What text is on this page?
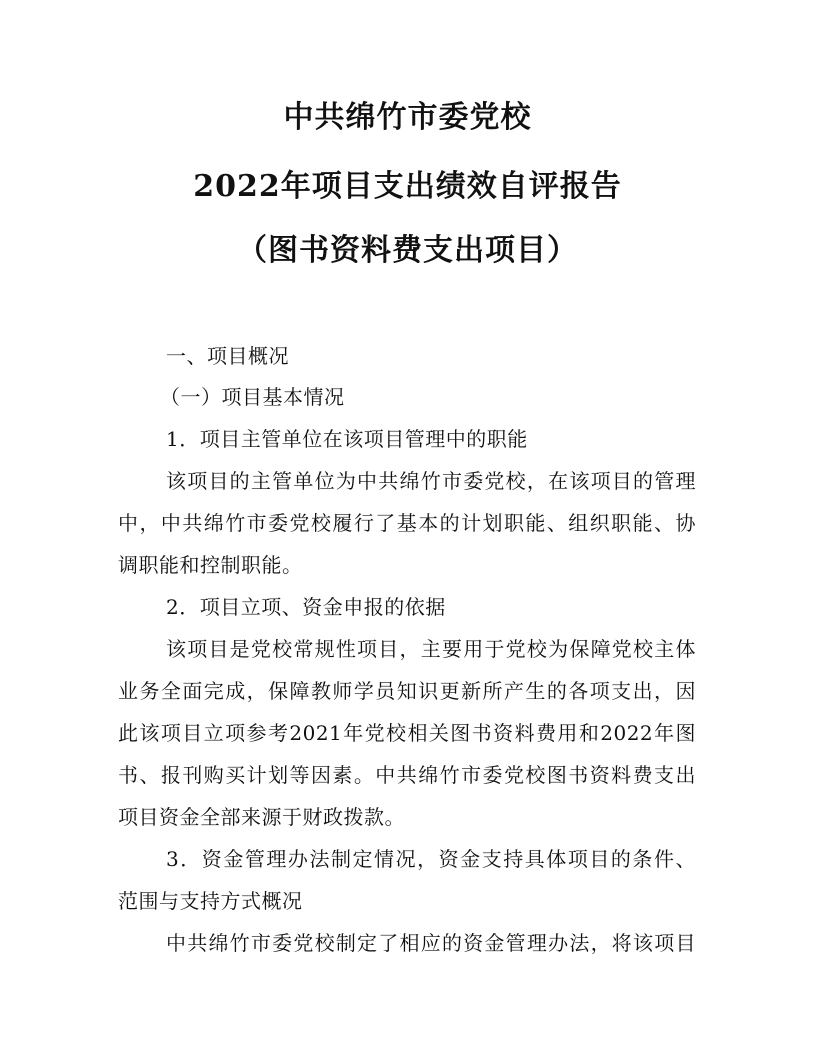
中共绵竹市委党校
2022年项目支出绩效自评报告
（图书资料费支出项目）
一、项目概况
（一）项目基本情况
1．项目主管单位在该项目管理中的职能
该项目的主管单位为中共绵竹市委党校，在该项目的管理
中，中共绵竹市委党校履行了基本的计划职能、组织职能、协
调职能和控制职能。
2．项目立项、资金申报的依据
该项目是党校常规性项目，主要用于党校为保障党校主体
业务全面完成，保障教师学员知识更新所产生的各项支出，因
此该项目立项参考2021年党校相关图书资料费用和2022年图
书、报刊购买计划等因素。中共绵竹市委党校图书资料费支出
项目资金全部来源于财政拨款。
3．资金管理办法制定情况，资金支持具体项目的条件、
范围与支持方式概况
中共绵竹市委党校制定了相应的资金管理办法，将该项目
